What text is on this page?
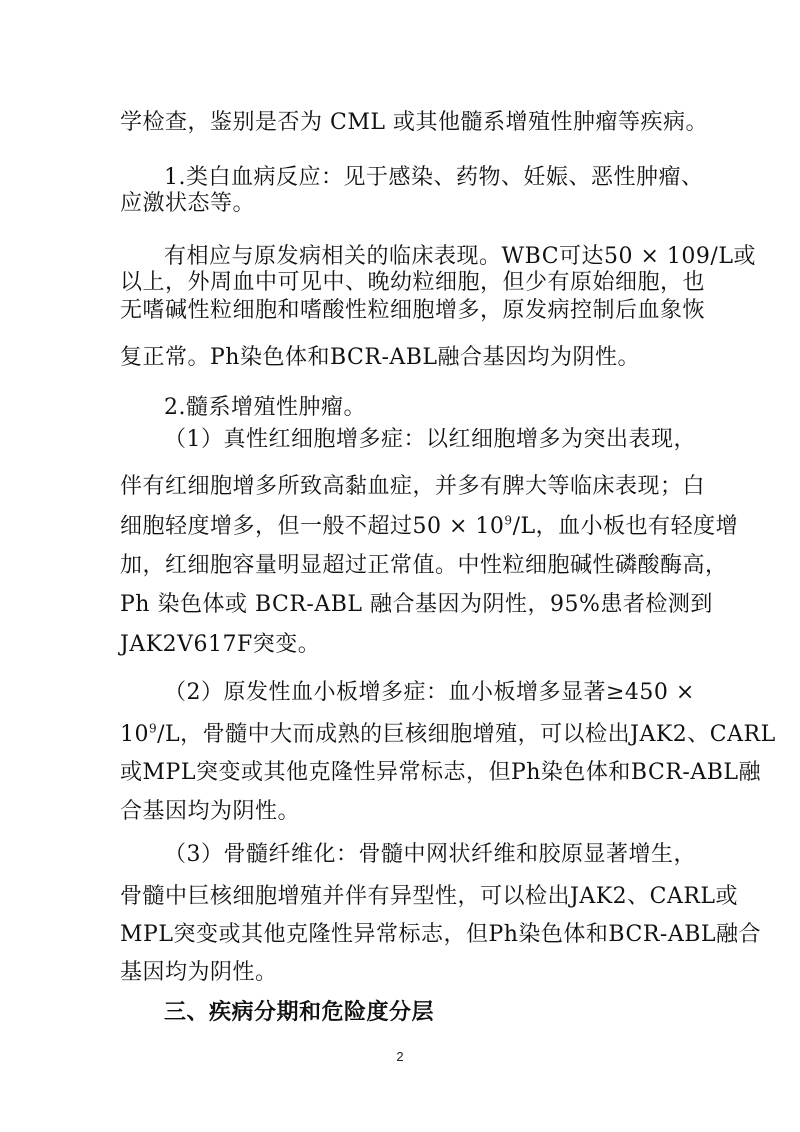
学检查，鉴别是否为 CML 或其他髓系增殖性肿瘤等疾病。
1.类白血病反应：见于感染、药物、妊娠、恶性肿瘤、
应激状态等。
有相应与原发病相关的临床表现。WBC可达50 × 109/L或
以上，外周血中可见中、晚幼粒细胞，但少有原始细胞，也
无嗜碱性粒细胞和嗜酸性粒细胞增多，原发病控制后血象恢
复正常。Ph染色体和BCR-ABL融合基因均为阴性。
2.髓系增殖性肿瘤。
（1）真性红细胞增多症：以红细胞增多为突出表现，
伴有红细胞增多所致高黏血症，并多有脾大等临床表现；白
细胞轻度增多，但一般不超过$50 \times 10^9/L$，血小板也有轻度增
加，红细胞容量明显超过正常值。中性粒细胞碱性磷酸酶高，
Ph 染色体或 BCR-ABL 融合基因为阴性，95%患者检测到
JAK2V617F突变。
（2）原发性血小板增多症：血小板增多显著≥450 ×
$10^9/L$，骨髓中大而成熟的巨核细胞增殖，可以检出JAK2、CARL
或MPL突变或其他克隆性异常标志，但Ph染色体和BCR-ABL融
合基因均为阴性。
（3）骨髓纤维化：骨髓中网状纤维和胶原显著增生，
骨髓中巨核细胞增殖并伴有异型性，可以检出JAK2、CARL或
MPL突变或其他克隆性异常标志，但Ph染色体和BCR-ABL融合
基因均为阴性。
三、疾病分期和危险度分层
2
